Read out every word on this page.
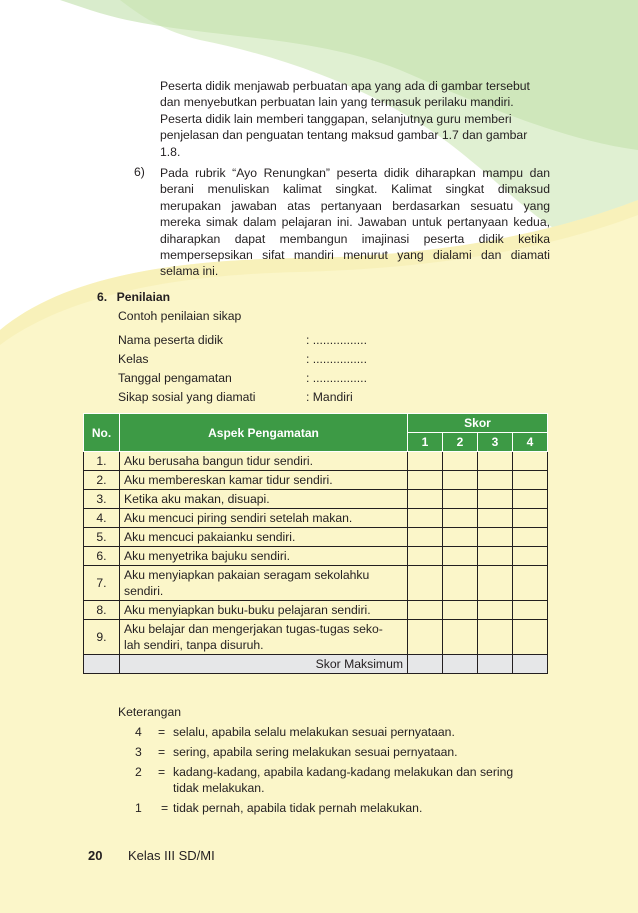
Peserta didik menjawab perbuatan apa yang ada di gambar tersebut
dan menyebutkan perbuatan lain yang termasuk perilaku mandiri.
Peserta didik lain memberi tanggapan, selanjutnya guru memberi
penjelasan dan penguatan tentang maksud gambar 1.7 dan gambar
1.8.
6) Pada rubrik “Ayo Renungkan” peserta didik diharapkan mampu dan berani menuliskan kalimat singkat. Kalimat singkat dimaksud merupakan jawaban atas pertanyaan berdasarkan sesuatu yang mereka simak dalam pelajaran ini. Jawaban untuk pertanyaan kedua, diharapkan dapat membangun imajinasi peserta didik ketika mempersepsikan sifat mandiri menurut yang dialami dan diamati selama ini.
6. Penilaian
Contoh penilaian sikap
Nama peserta didik	: ................
Kelas	: ................
Tanggal pengamatan	: ................
Sikap sosial yang diamati	: Mandiri
No.	Aspek Pengamatan	Skor			
		1	2	3	4
1.	Aku berusaha bangun tidur sendiri.				
2.	Aku membereskan kamar tidur sendiri.				
3.	Ketika aku makan, disuapi.				
4.	Aku mencuci piring sendiri setelah makan.				
5.	Aku mencuci pakaianku sendiri.				
6.	Aku menyetrika bajuku sendiri.				
7.	Aku menyiapkan pakaian seragam sekolahku
sendiri.				

8.	Aku menyiapkan buku-buku pelajaran sendiri.				
9.	Aku belajar dan mengerjakan tugas-tugas seko-
lah sendiri, tanpa disuruh.				

	Skor Maksimum				
Keterangan
4 = selalu, apabila selalu melakukan sesuai pernyataan.
3 = sering, apabila sering melakukan sesuai pernyataan.
2 = kadang-kadang, apabila kadang-kadang melakukan dan sering
tidak melakukan.
1 = tidak pernah, apabila tidak pernah melakukan.
20 Kelas III SD/MI
